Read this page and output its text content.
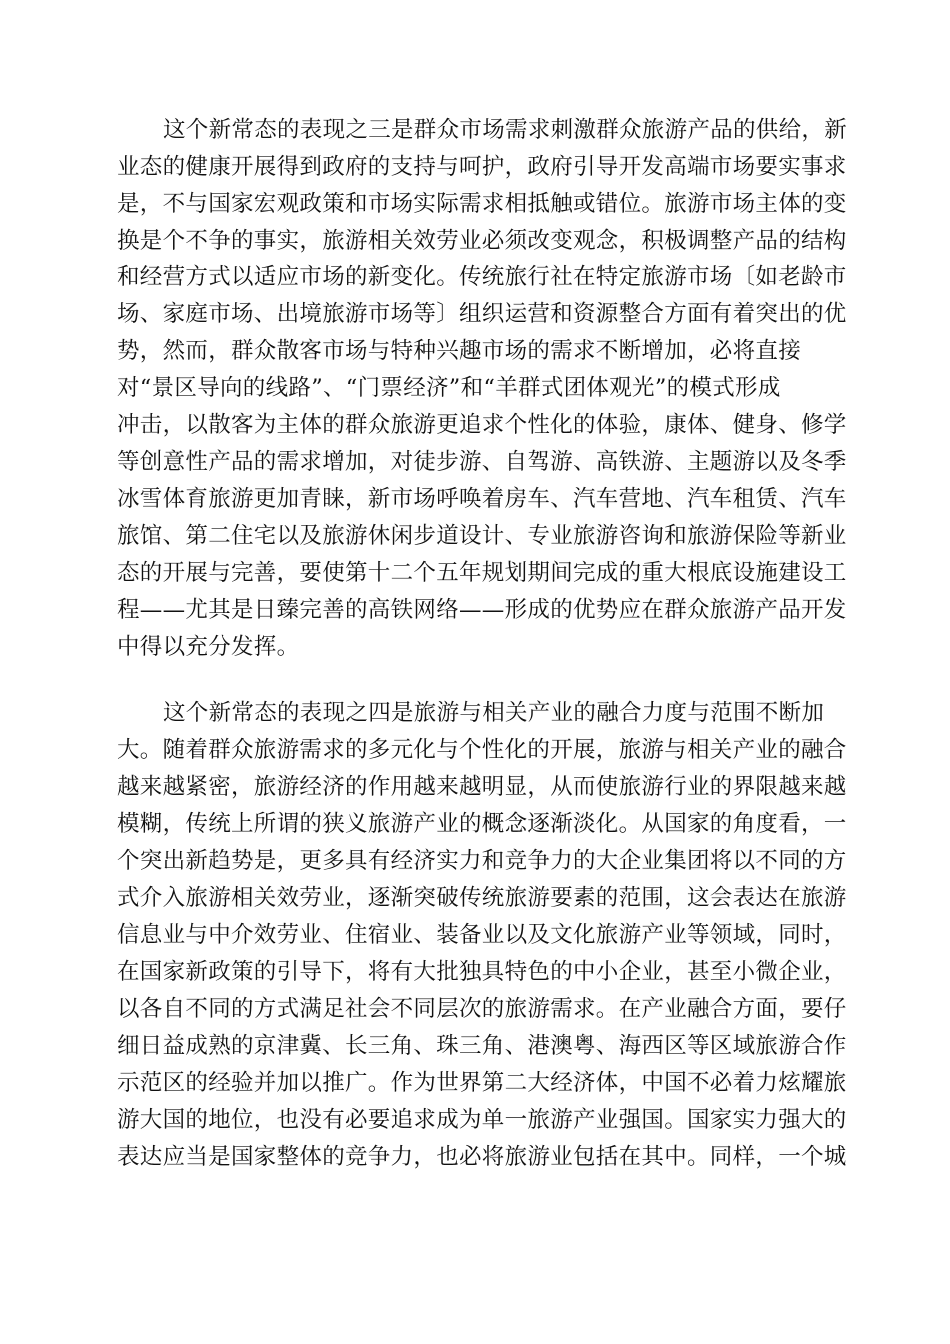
这个新常态的表现之三是群众市场需求刺激群众旅游产品的供给，新
业态的健康开展得到政府的支持与呵护，政府引导开发高端市场要实事求
是，不与国家宏观政策和市场实际需求相抵触或错位。旅游市场主体的变
换是个不争的事实，旅游相关效劳业必须改变观念，积极调整产品的结构
和经营方式以适应市场的新变化。传统旅行社在特定旅游市场〔如老龄市
场、家庭市场、出境旅游市场等〕组织运营和资源整合方面有着突出的优
势，然而，群众散客市场与特种兴趣市场的需求不断增加，必将直接
对“景区导向的线路”、“门票经济”和“羊群式团体观光”的模式形成
冲击，以散客为主体的群众旅游更追求个性化的体验，康体、健身、修学
等创意性产品的需求增加，对徒步游、自驾游、高铁游、主题游以及冬季
冰雪体育旅游更加青睐，新市场呼唤着房车、汽车营地、汽车租赁、汽车
旅馆、第二住宅以及旅游休闲步道设计、专业旅游咨询和旅游保险等新业
态的开展与完善，要使第十二个五年规划期间完成的重大根底设施建设工
程——尤其是日臻完善的高铁网络——形成的优势应在群众旅游产品开发
中得以充分发挥。
这个新常态的表现之四是旅游与相关产业的融合力度与范围不断加
大。随着群众旅游需求的多元化与个性化的开展，旅游与相关产业的融合
越来越紧密，旅游经济的作用越来越明显，从而使旅游行业的界限越来越
模糊，传统上所谓的狭义旅游产业的概念逐渐淡化。从国家的角度看，一
个突出新趋势是，更多具有经济实力和竞争力的大企业集团将以不同的方
式介入旅游相关效劳业，逐渐突破传统旅游要素的范围，这会表达在旅游
信息业与中介效劳业、住宿业、装备业以及文化旅游产业等领域，同时，
在国家新政策的引导下，将有大批独具特色的中小企业，甚至小微企业，
以各自不同的方式满足社会不同层次的旅游需求。在产业融合方面，要仔
细日益成熟的京津冀、长三角、珠三角、港澳粤、海西区等区域旅游合作
示范区的经验并加以推广。作为世界第二大经济体，中国不必着力炫耀旅
游大国的地位，也没有必要追求成为单一旅游产业强国。国家实力强大的
表达应当是国家整体的竞争力，也必将旅游业包括在其中。同样，一个城
